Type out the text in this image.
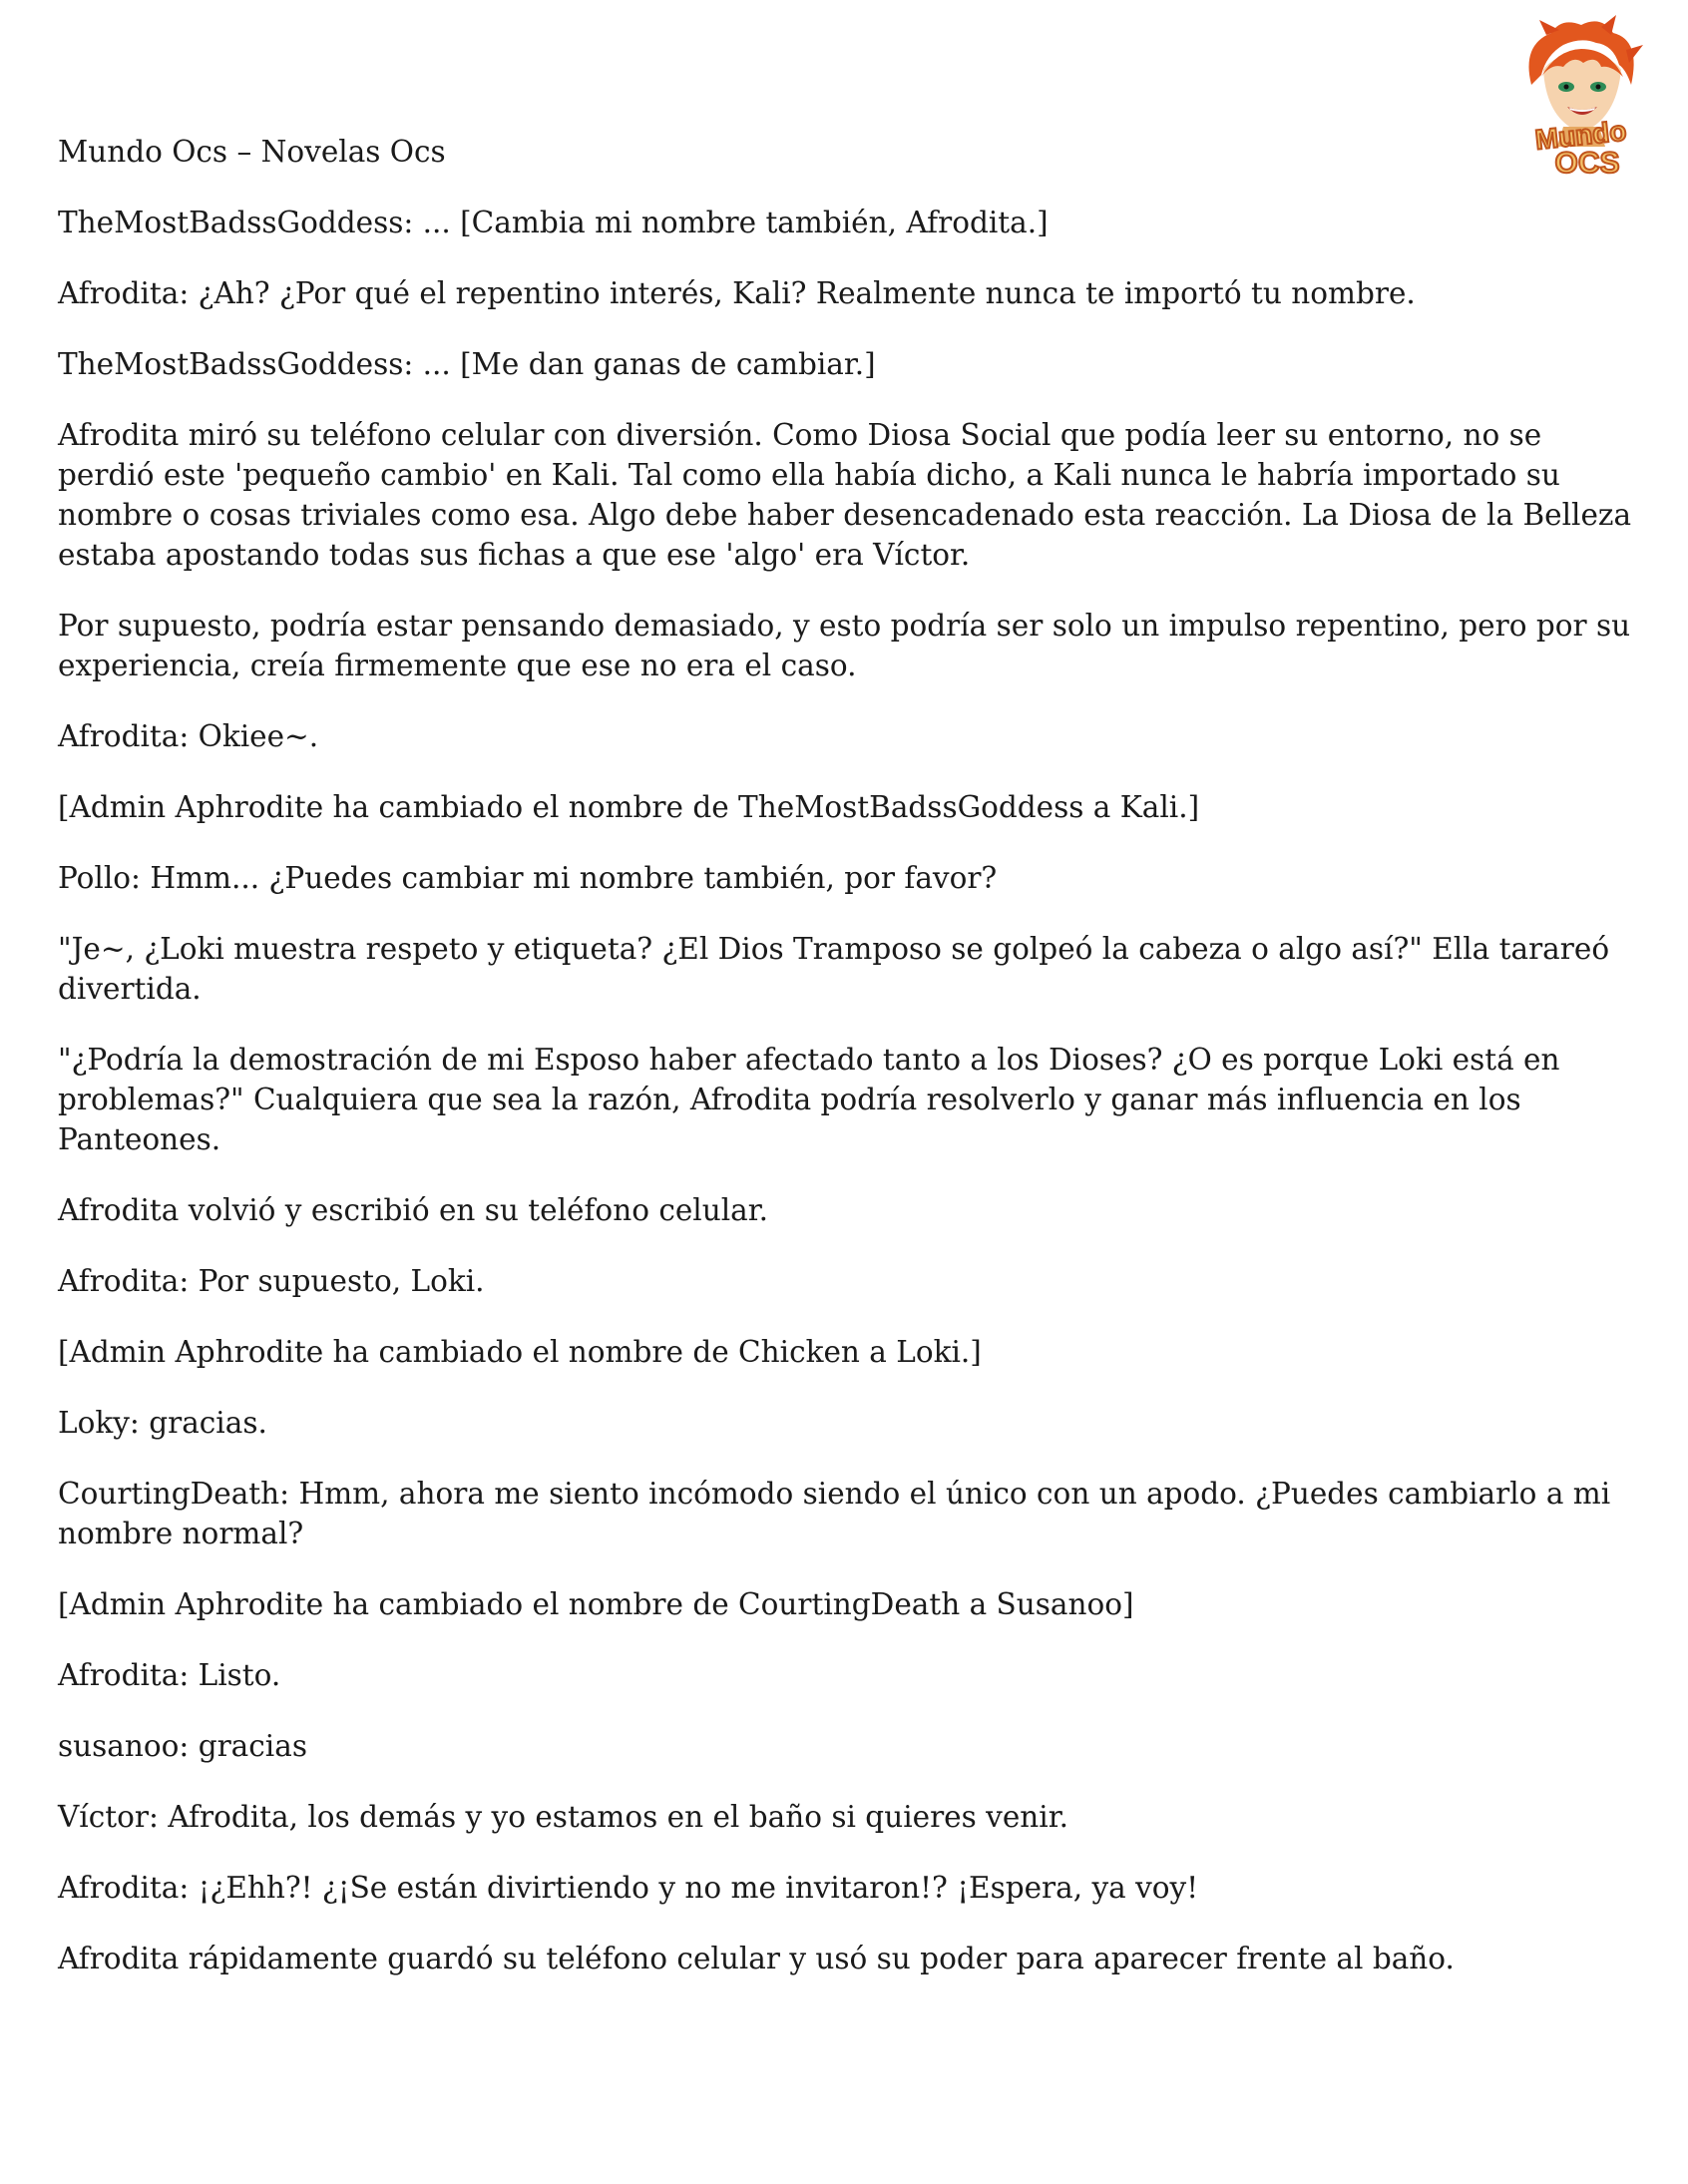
Mundo
OCS

Mundo Ocs – Novelas Ocs

TheMostBadssGoddess: ... [Cambia mi nombre también, Afrodita.]

Afrodita: ¿Ah? ¿Por qué el repentino interés, Kali? Realmente nunca te importó tu nombre.

TheMostBadssGoddess: ... [Me dan ganas de cambiar.]

Afrodita miró su teléfono celular con diversión. Como Diosa Social que podía leer su entorno, no se perdió este 'pequeño cambio' en Kali. Tal como ella había dicho, a Kali nunca le habría importado su nombre o cosas triviales como esa. Algo debe haber desencadenado esta reacción. La Diosa de la Belleza estaba apostando todas sus fichas a que ese 'algo' era Víctor.

Por supuesto, podría estar pensando demasiado, y esto podría ser solo un impulso repentino, pero por su experiencia, creía firmemente que ese no era el caso.

Afrodita: Okiee~.

[Admin Aphrodite ha cambiado el nombre de TheMostBadssGoddess a Kali.]

Pollo: Hmm... ¿Puedes cambiar mi nombre también, por favor?

"Je~, ¿Loki muestra respeto y etiqueta? ¿El Dios Tramposo se golpeó la cabeza o algo así?" Ella tarareó divertida.

"¿Podría la demostración de mi Esposo haber afectado tanto a los Dioses? ¿O es porque Loki está en problemas?" Cualquiera que sea la razón, Afrodita podría resolverlo y ganar más influencia en los Panteones.

Afrodita volvió y escribió en su teléfono celular.

Afrodita: Por supuesto, Loki.

[Admin Aphrodite ha cambiado el nombre de Chicken a Loki.]

Loky: gracias.

CourtingDeath: Hmm, ahora me siento incómodo siendo el único con un apodo. ¿Puedes cambiarlo a mi nombre normal?

[Admin Aphrodite ha cambiado el nombre de CourtingDeath a Susanoo]

Afrodita: Listo.

susanoo: gracias

Víctor: Afrodita, los demás y yo estamos en el baño si quieres venir.

Afrodita: ¡¿Ehh?! ¿¡Se están divirtiendo y no me invitaron!? ¡Espera, ya voy!

Afrodita rápidamente guardó su teléfono celular y usó su poder para aparecer frente al baño.
